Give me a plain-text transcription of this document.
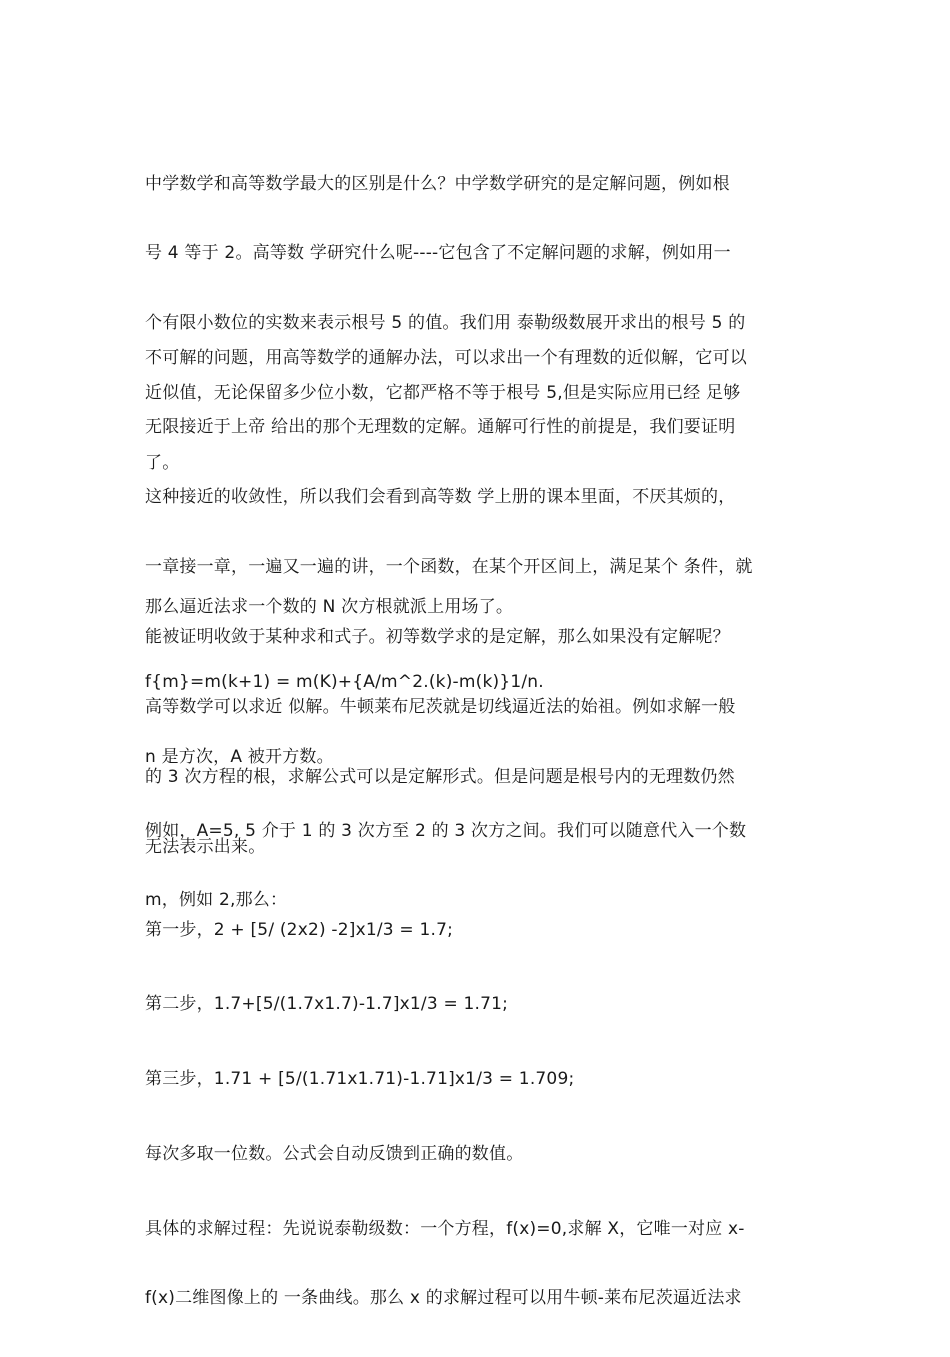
中学数学和高等数学最大的区别是什么？中学数学研究的是定解问题，例如根

号 4 等于 2。高等数 学研究什么呢----它包含了不定解问题的求解，例如用一

个有限小数位的实数来表示根号 5 的值。我们用 泰勒级数展开求出的根号 5 的

近似值，无论保留多少位小数，它都严格不等于根号 5,但是实际应用已经 足够

了。

不可解的问题，用高等数学的通解办法，可以求出一个有理数的近似解，它可以

无限接近于上帝 给出的那个无理数的定解。通解可行性的前提是，我们要证明

这种接近的收敛性，所以我们会看到高等数 学上册的课本里面，不厌其烦的，

一章接一章，一遍又一遍的讲，一个函数，在某个开区间上，满足某个 条件，就

能被证明收敛于某种求和式子。初等数学求的是定解，那么如果没有定解呢？

高等数学可以求近 似解。牛顿莱布尼茨就是切线逼近法的始祖。例如求解一般

的 3 次方程的根，求解公式可以是定解形式。但是问题是根号内的无理数仍然

无法表示出来。

那么逼近法求一个数的 N 次方根就派上用场了。

f{m}=m(k+1) = m(K)+{A/m^2.(k)-m(k)}1/n.

n 是方次，A 被开方数。

例如，A=5, 5 介于 1 的 3 次方至 2 的 3 次方之间。我们可以随意代入一个数

m，例如 2,那么：

第一步，2 + [5/ (2x2) -2]x1/3 = 1.7;

第二步，1.7+[5/(1.7x1.7)-1.7]x1/3 = 1.71;

第三步，1.71 + [5/(1.71x1.71)-1.71]x1/3 = 1.709;

每次多取一位数。公式会自动反馈到正确的数值。

具体的求解过程：先说说泰勒级数：一个方程，f(x)=0,求解 X，它唯一对应 x-

f(x)二维图像上的 一条曲线。那么 x 的求解过程可以用牛顿-莱布尼茨逼近法求
